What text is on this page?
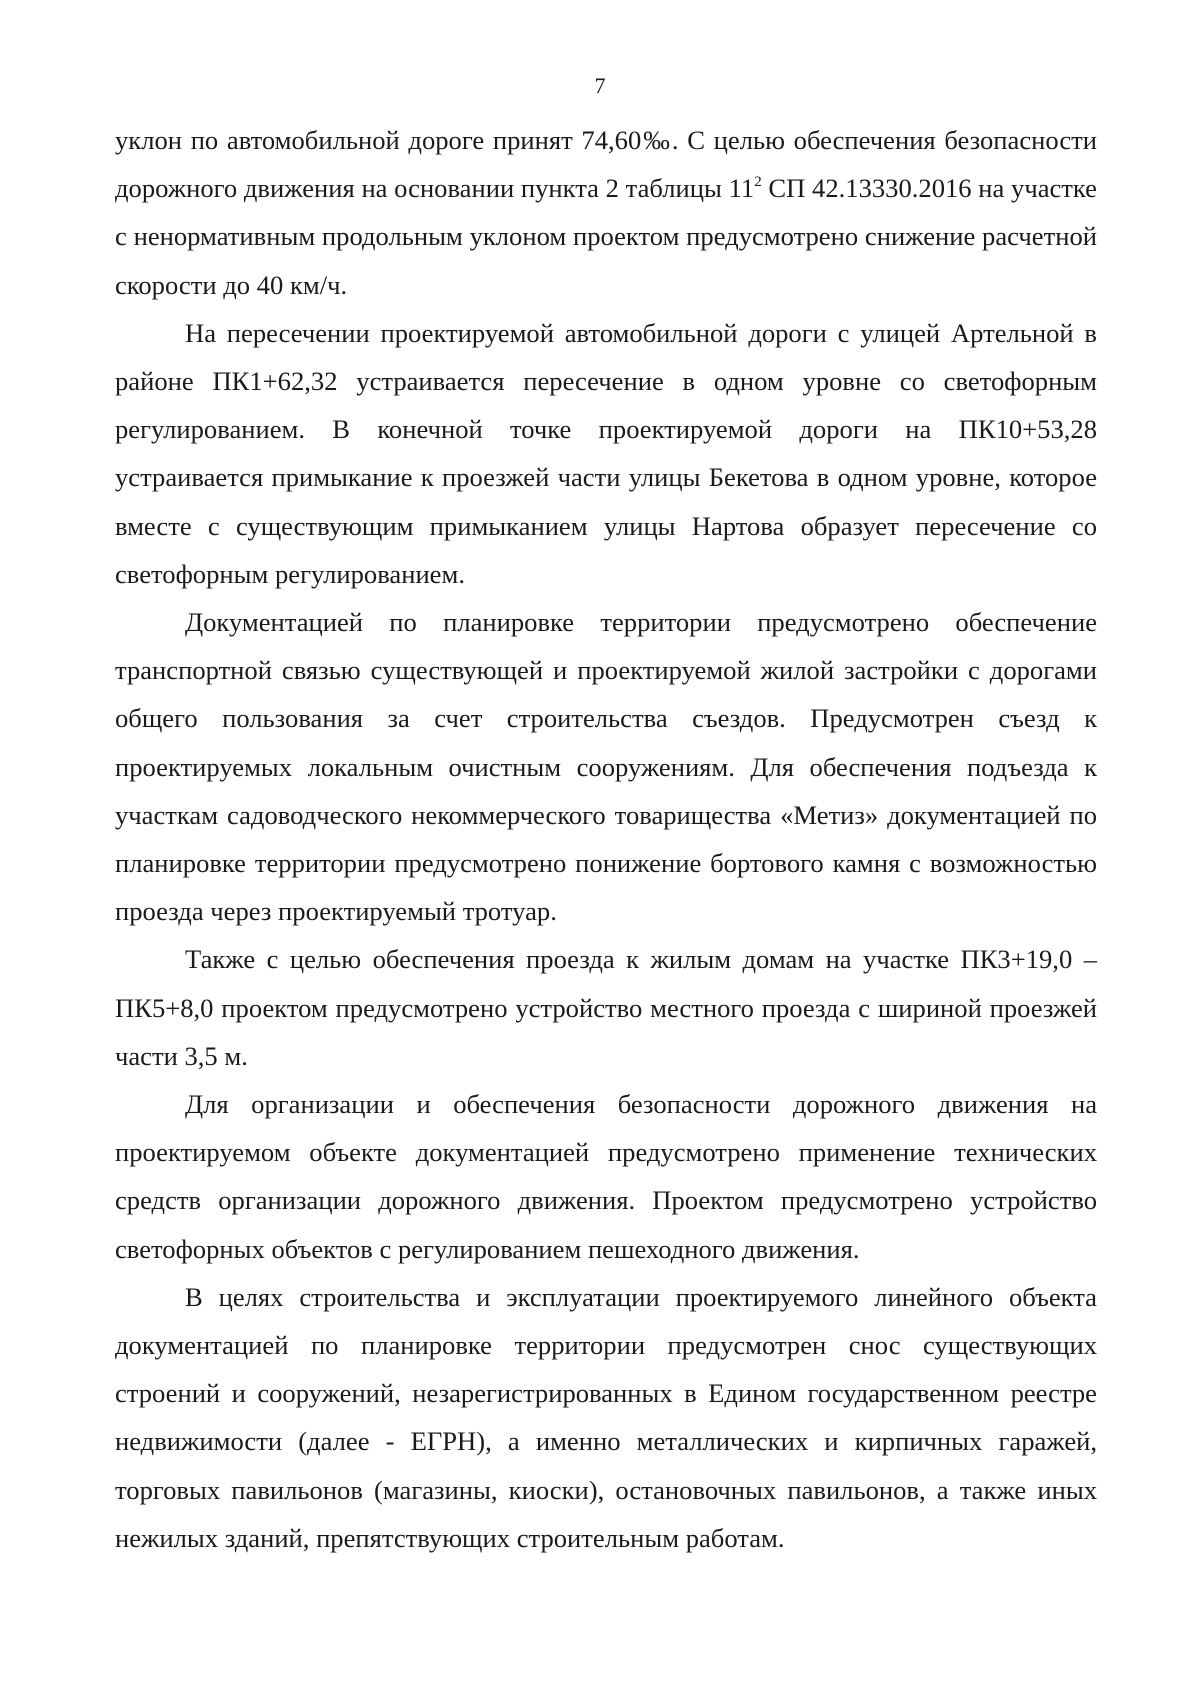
7

уклон по автомобильной дороге принят 74,60‰. С целью обеспечения безопасности дорожного движения на основании пункта 2 таблицы $11^2$ СП 42.13330.2016 на участке с ненормативным продольным уклоном проектом предусмотрено снижение расчетной скорости до 40 км/ч.

На пересечении проектируемой автомобильной дороги с улицей Артельной в районе ПК1+62,32 устраивается пересечение в одном уровне со светофорным регулированием. В конечной точке проектируемой дороги на ПК10+53,28 устраивается примыкание к проезжей части улицы Бекетова в одном уровне, которое вместе с существующим примыканием улицы Нартова образует пересечение со светофорным регулированием.

Документацией по планировке территории предусмотрено обеспечение транспортной связью существующей и проектируемой жилой застройки с дорогами общего пользования за счет строительства съездов. Предусмотрен съезд к проектируемых локальным очистным сооружениям. Для обеспечения подъезда к участкам садоводческого некоммерческого товарищества «Метиз» документацией по планировке территории предусмотрено понижение бортового камня с возможностью проезда через проектируемый тротуар.

Также с целью обеспечения проезда к жилым домам на участке ПК3+19,0 – ПК5+8,0 проектом предусмотрено устройство местного проезда с шириной проезжей части 3,5 м.

Для организации и обеспечения безопасности дорожного движения на проектируемом объекте документацией предусмотрено применение технических средств организации дорожного движения. Проектом предусмотрено устройство светофорных объектов с регулированием пешеходного движения.

В целях строительства и эксплуатации проектируемого линейного объекта документацией по планировке территории предусмотрен снос существующих строений и сооружений, незарегистрированных в Едином государственном реестре недвижимости (далее - ЕГРН), а именно металлических и кирпичных гаражей, торговых павильонов (магазины, киоски), остановочных павильонов, а также иных нежилых зданий, препятствующих строительным работам.
